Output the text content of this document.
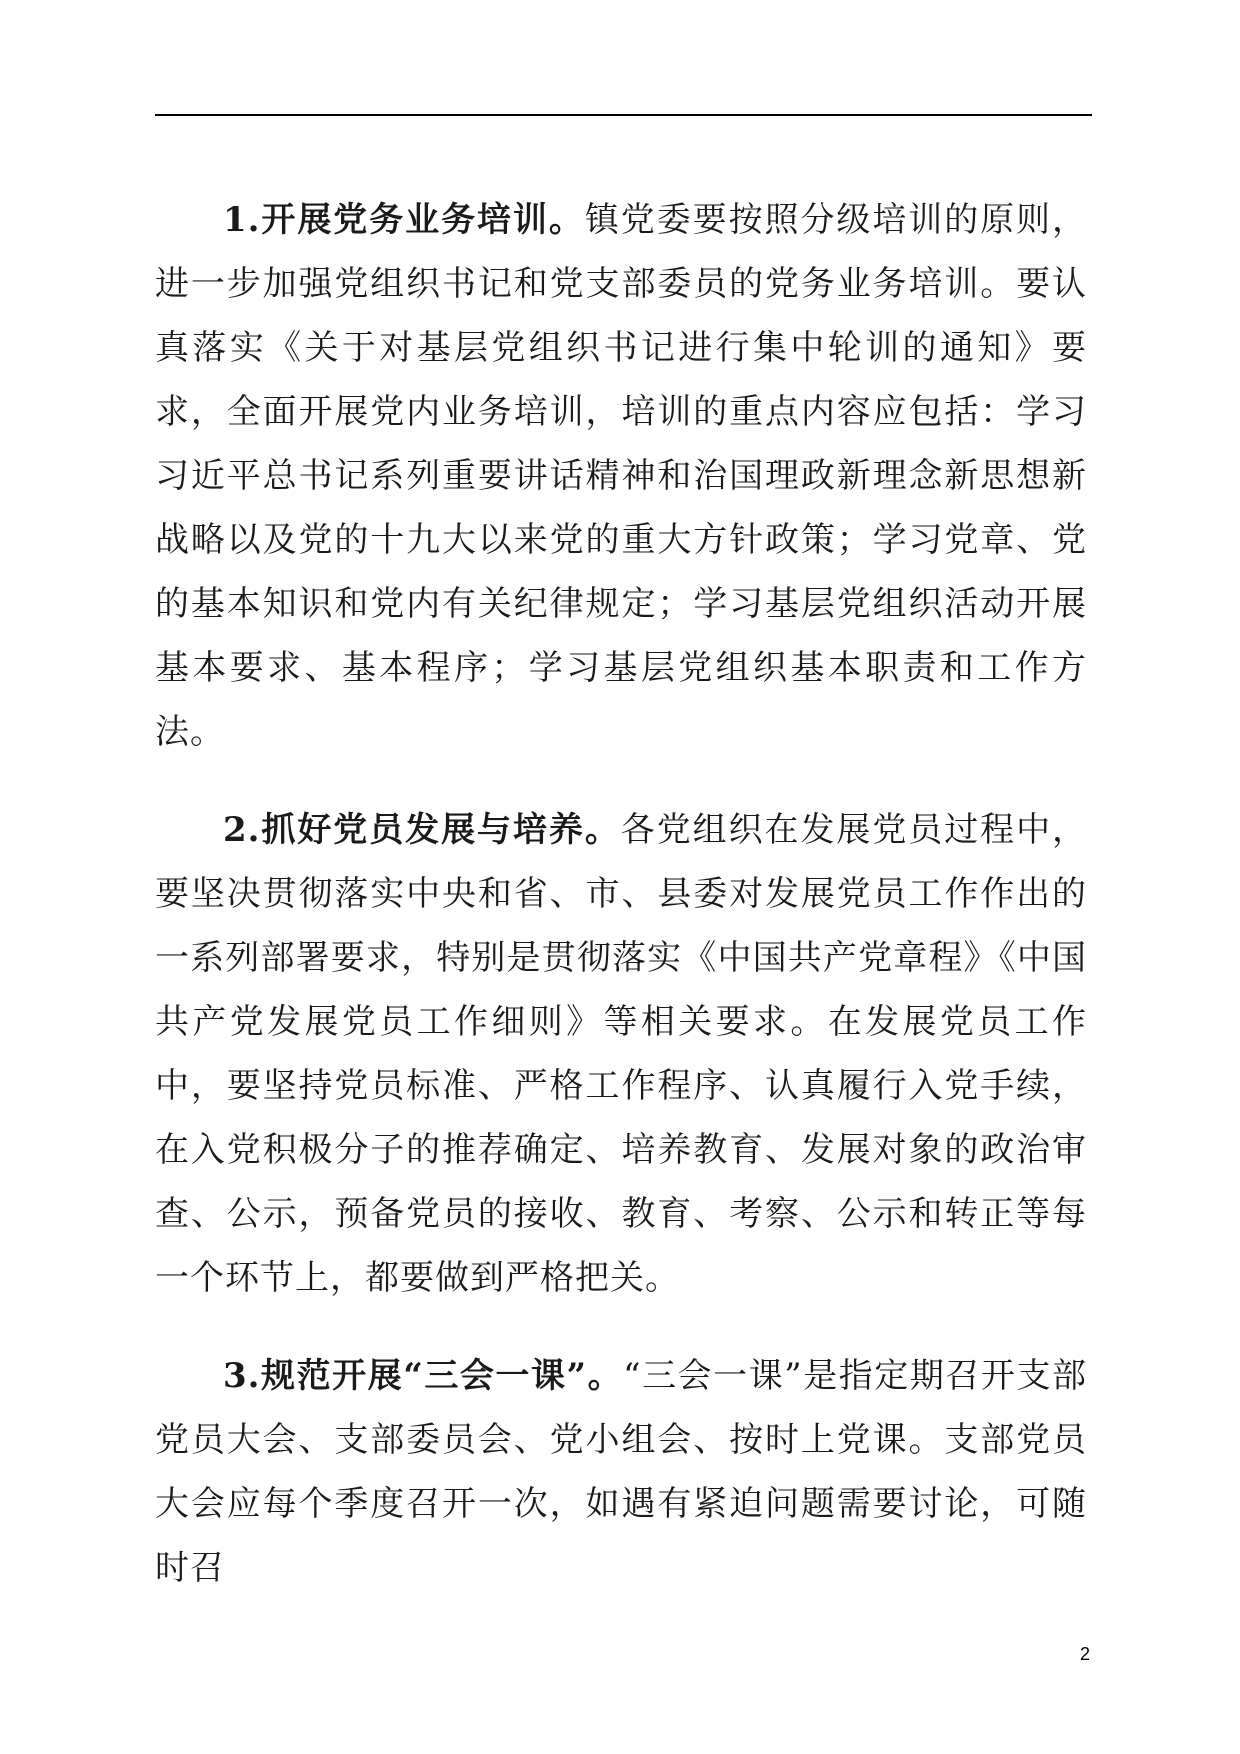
1.开展党务业务培训。镇党委要按照分级培训的原则，进一步加强党组织书记和党支部委员的党务业务培训。要认真落实《关于对基层党组织书记进行集中轮训的通知》要求，全面开展党内业务培训，培训的重点内容应包括：学习习近平总书记系列重要讲话精神和治国理政新理念新思想新战略以及党的十九大以来党的重大方针政策；学习党章、党的基本知识和党内有关纪律规定；学习基层党组织活动开展基本要求、基本程序；学习基层党组织基本职责和工作方法。

2.抓好党员发展与培养。各党组织在发展党员过程中，要坚决贯彻落实中央和省、市、县委对发展党员工作作出的一系列部署要求，特别是贯彻落实《中国共产党章程》《中国共产党发展党员工作细则》等相关要求。在发展党员工作中，要坚持党员标准、严格工作程序、认真履行入党手续，在入党积极分子的推荐确定、培养教育、发展对象的政治审查、公示，预备党员的接收、教育、考察、公示和转正等每一个环节上，都要做到严格把关。

3.规范开展“三会一课”。“三会一课”是指定期召开支部党员大会、支部委员会、党小组会、按时上党课。支部党员大会应每个季度召开一次，如遇有紧迫问题需要讨论，可随时召

2
